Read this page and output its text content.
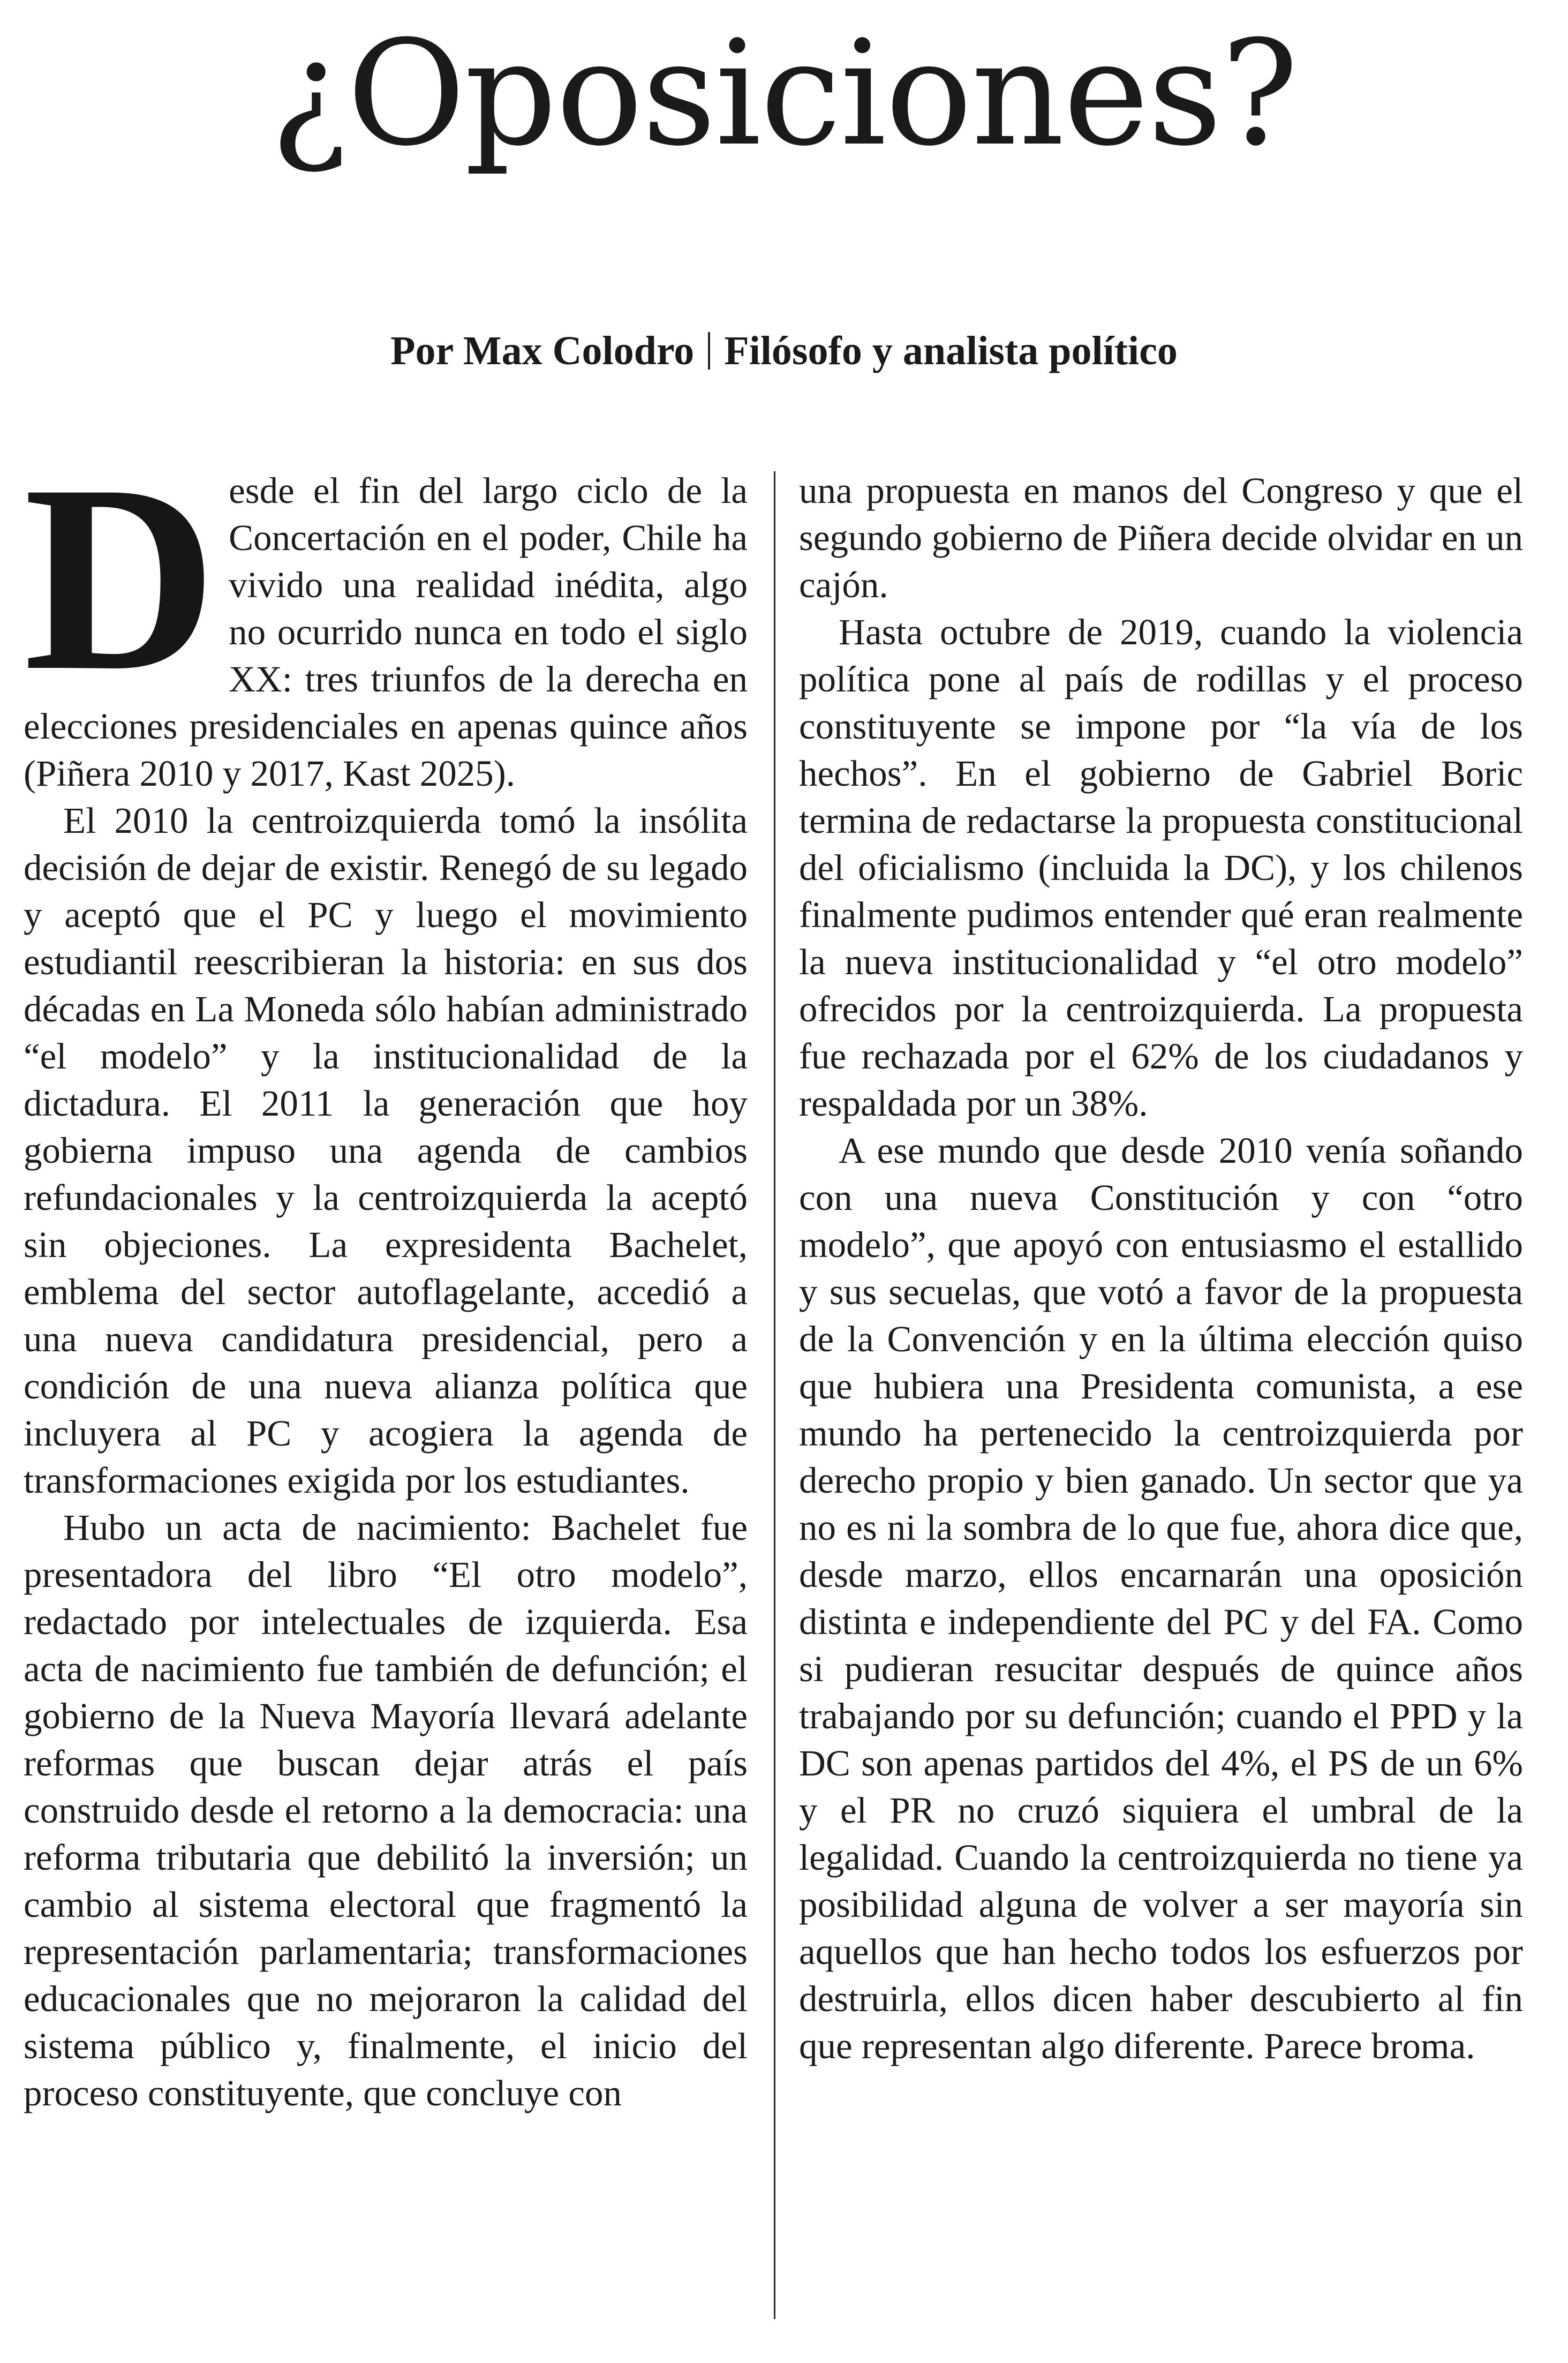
¿Oposiciones?
Por Max Colodro Filósofo y analista político

Desde el fin del largo ciclo de la Concertación en el poder, Chile ha vivido una realidad inédita, algo no ocurrido nunca en todo el siglo XX: tres triunfos de la derecha en elecciones presidenciales en apenas quince años (Piñera 2010 y 2017, Kast 2025).

El 2010 la centroizquierda tomó la insólita decisión de dejar de existir. Renegó de su legado y aceptó que el PC y luego el movimiento estudiantil reescribieran la historia: en sus dos décadas en La Moneda sólo habían administrado “el modelo” y la institucionalidad de la dictadura. El 2011 la generación que hoy gobierna impuso una agenda de cambios refundacionales y la centroizquierda la aceptó sin objeciones. La expresidenta Bachelet, emblema del sector autoflagelante, accedió a una nueva candidatura presidencial, pero a condición de una nueva alianza política que incluyera al PC y acogiera la agenda de transformaciones exigida por los estudiantes.

Hubo un acta de nacimiento: Bachelet fue presentadora del libro “El otro modelo”, redactado por intelectuales de izquierda. Esa acta de nacimiento fue también de defunción; el gobierno de la Nueva Mayoría llevará adelante reformas que buscan dejar atrás el país construido desde el retorno a la democracia: una reforma tributaria que debilitó la inversión; un cambio al sistema electoral que fragmentó la representación parlamentaria; transformaciones educacionales que no mejoraron la calidad del sistema público y, finalmente, el inicio del proceso constituyente, que concluye con

una propuesta en manos del Congreso y que el segundo gobierno de Piñera decide olvidar en un cajón.

Hasta octubre de 2019, cuando la violencia política pone al país de rodillas y el proceso constituyente se impone por “la vía de los hechos”. En el gobierno de Gabriel Boric termina de redactarse la propuesta constitucional del oficialismo (incluida la DC), y los chilenos finalmente pudimos entender qué eran realmente la nueva institucionalidad y “el otro modelo” ofrecidos por la centroizquierda. La propuesta fue rechazada por el 62% de los ciudadanos y respaldada por un 38%.

A ese mundo que desde 2010 venía soñando con una nueva Constitución y con “otro modelo”, que apoyó con entusiasmo el estallido y sus secuelas, que votó a favor de la propuesta de la Convención y en la última elección quiso que hubiera una Presidenta comunista, a ese mundo ha pertenecido la centroizquierda por derecho propio y bien ganado. Un sector que ya no es ni la sombra de lo que fue, ahora dice que, desde marzo, ellos encarnarán una oposición distinta e independiente del PC y del FA. Como si pudieran resucitar después de quince años trabajando por su defunción; cuando el PPD y la DC son apenas partidos del 4%, el PS de un 6% y el PR no cruzó siquiera el umbral de la legalidad. Cuando la centroizquierda no tiene ya posibilidad alguna de volver a ser mayoría sin aquellos que han hecho todos los esfuerzos por destruirla, ellos dicen haber descubierto al fin que representan algo diferente. Parece broma.
